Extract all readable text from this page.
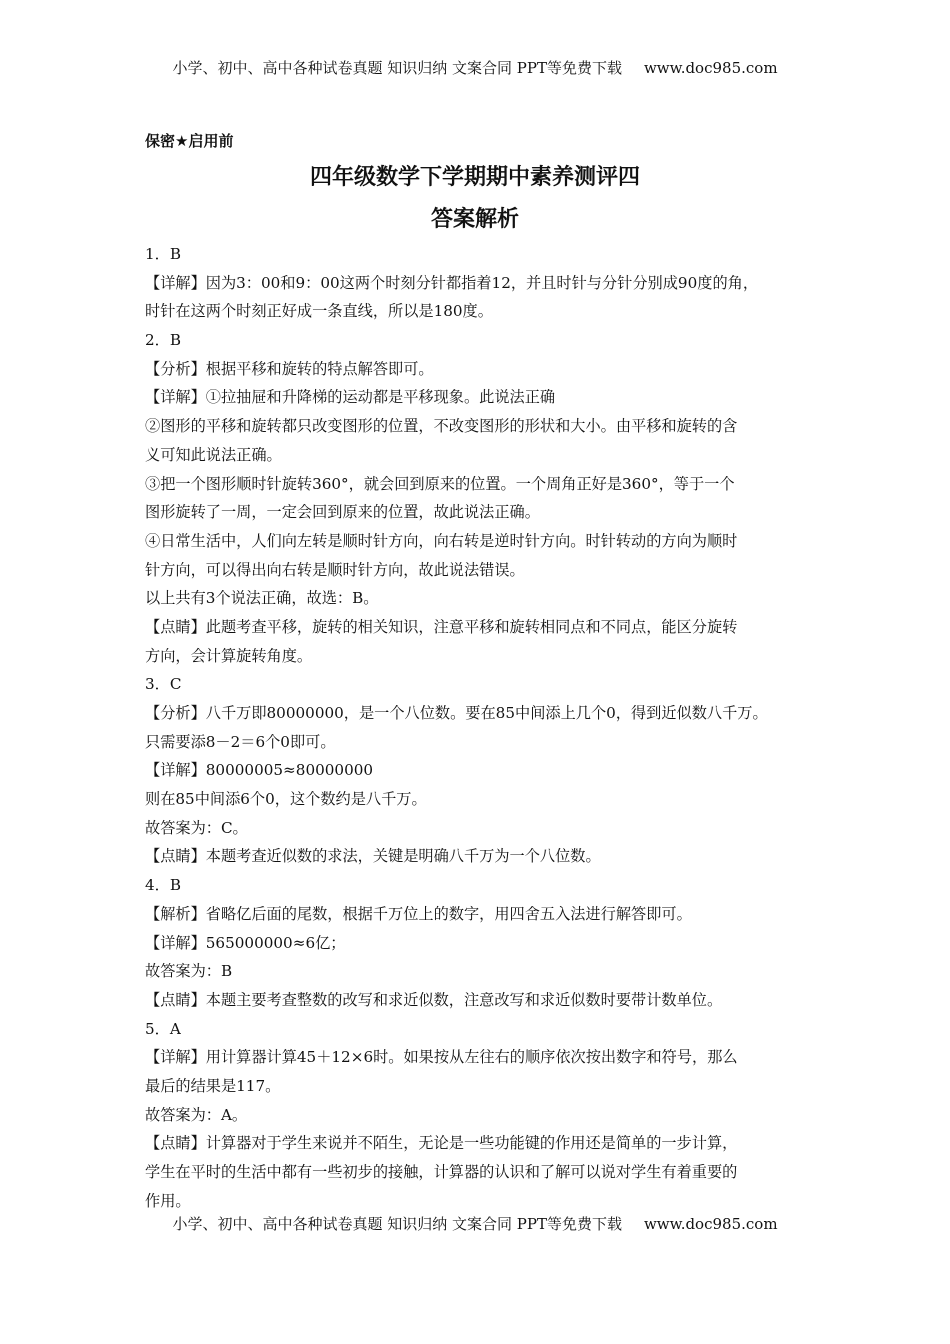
小学、初中、高中各种试卷真题 知识归纳 文案合同 PPT等免费下载 www.doc985.com
保密★启用前
四年级数学下学期期中素养测评四
答案解析
1．B
【详解】因为3：00和9：00这两个时刻分针都指着12，并且时针与分针分别成90度的角，
时针在这两个时刻正好成一条直线，所以是180度。
2．B
【分析】根据平移和旋转的特点解答即可。
【详解】①拉抽屉和升降梯的运动都是平移现象。此说法正确
②图形的平移和旋转都只改变图形的位置，不改变图形的形状和大小。由平移和旋转的含
义可知此说法正确。
③把一个图形顺时针旋转360°，就会回到原来的位置。一个周角正好是360°，等于一个
图形旋转了一周，一定会回到原来的位置，故此说法正确。
④日常生活中，人们向左转是顺时针方向，向右转是逆时针方向。时针转动的方向为顺时
针方向，可以得出向右转是顺时针方向，故此说法错误。
以上共有3个说法正确，故选：B。
【点睛】此题考查平移，旋转的相关知识，注意平移和旋转相同点和不同点，能区分旋转
方向，会计算旋转角度。
3．C
【分析】八千万即80000000，是一个八位数。要在85中间添上几个0，得到近似数八千万。
只需要添8－2＝6个0即可。
【详解】80000005≈80000000
则在85中间添6个0，这个数约是八千万。
故答案为：C。
【点睛】本题考查近似数的求法，关键是明确八千万为一个八位数。
4．B
【解析】省略亿后面的尾数，根据千万位上的数字，用四舍五入法进行解答即可。
【详解】565000000≈6亿；
故答案为：B
【点睛】本题主要考查整数的改写和求近似数，注意改写和求近似数时要带计数单位。
5．A
【详解】用计算器计算45＋12×6时。如果按从左往右的顺序依次按出数字和符号，那么
最后的结果是117。
故答案为：A。
【点睛】计算器对于学生来说并不陌生，无论是一些功能键的作用还是简单的一步计算，
学生在平时的生活中都有一些初步的接触，计算器的认识和了解可以说对学生有着重要的
作用。
小学、初中、高中各种试卷真题 知识归纳 文案合同 PPT等免费下载 www.doc985.com
